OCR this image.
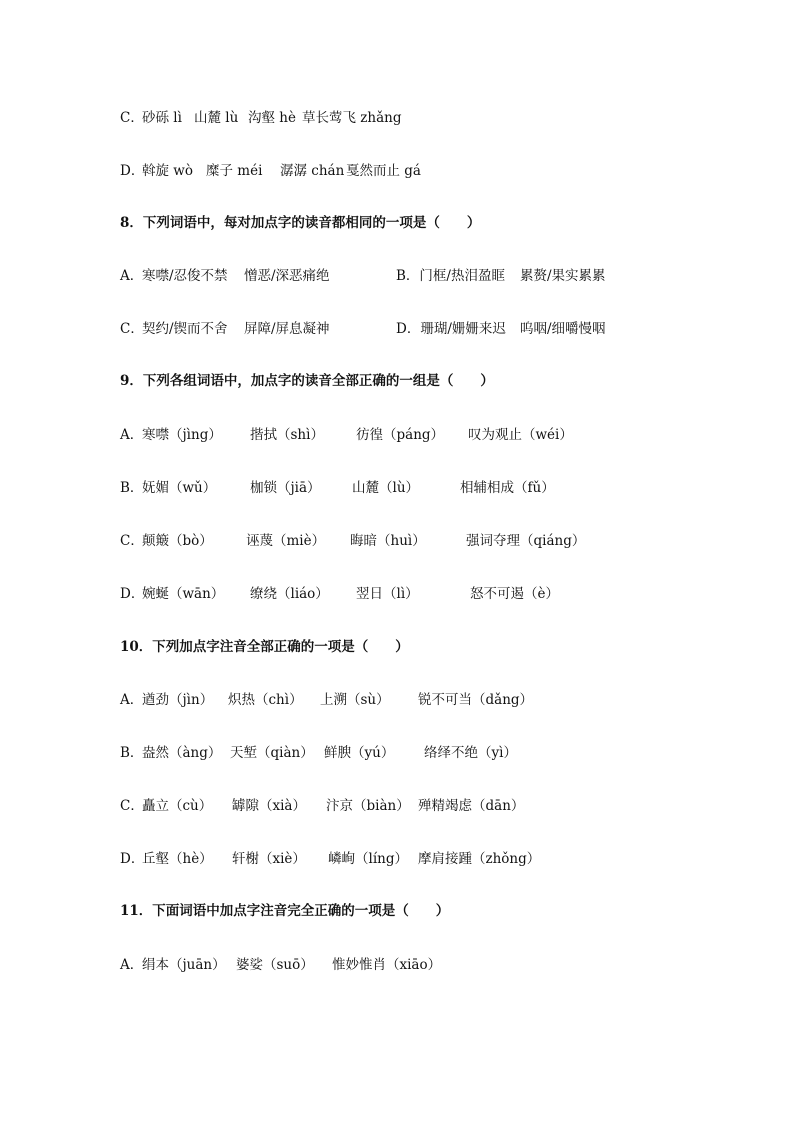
C．
砂砾 lì 山麓 lù 沟壑 hè 草长莺飞 zhǎng
D．
斡旋 wò 糜子 méi 潺潺 chán 戛然而止 gá
8．下列词语中，每对加点字的读音都相同的一项是（　　）
A．
寒噤/忍俊不禁 憎恶/深恶痛绝	B．门框/热泪盈眶 累赘/果实累累
C．
契约/锲而不舍 屏障/屏息凝神	D．珊瑚/姗姗来迟 呜咽/细嚼慢咽
9．下列各组词语中，加点字的读音全部正确的一组是（　　）
A．
寒噤（jìng） 揩拭（shì） 彷徨（páng） 叹为观止（wéi）
B．
妩媚（wǔ）	枷锁（jiā） 山麓（lù）	相辅相成（fǔ）
C．
颠簸（bò） 诬蔑（miè） 晦暗（huì）	强词夺理（qiáng）
D．
婉蜒（wān） 缭绕（liáo） 翌日（lì）	怒不可遏（è）
10．下列加点字注音全部正确的一项是（　　）
A．
遒劲（jìn） 炽热（chì） 上溯（sù） 锐不可当（dǎng）
B．
盎然（àng） 天堑（qiàn） 鲜腴（yú） 络绎不绝（yì）
C．
矗立（cù） 罅隙（xià） 汴京（biàn） 殚精竭虑（dān）
D．
丘壑（hè） 轩榭（xiè） 嶙峋（líng） 摩肩接踵（zhǒng）
11．下面词语中加点字注音完全正确的一项是（　　）
A．
绢本（juān） 婆娑（suō） 惟妙惟肖（xiāo）
